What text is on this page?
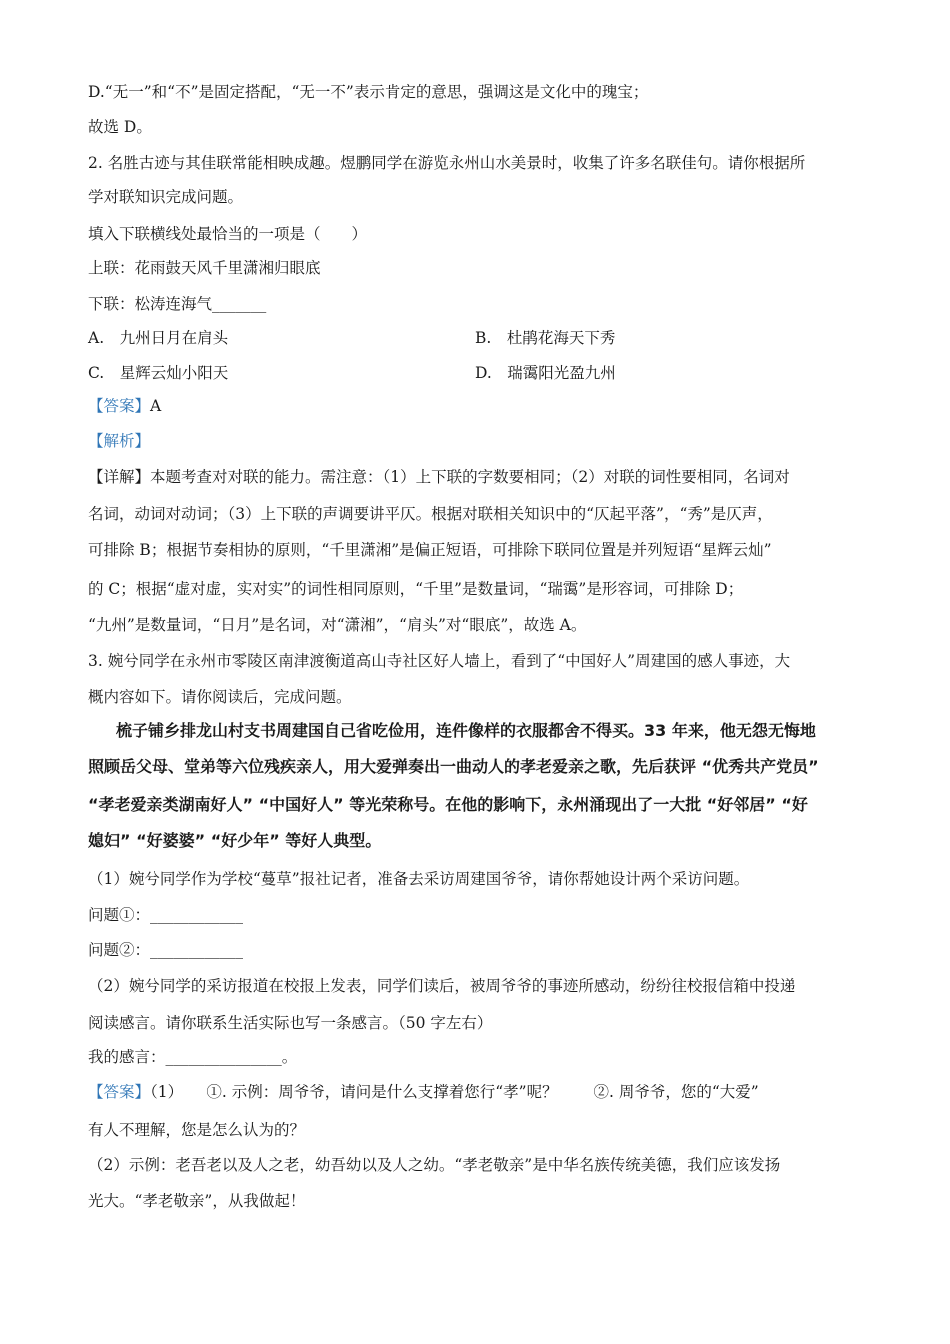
D.“无一”和“不”是固定搭配，“无一不”表示肯定的意思，强调这是文化中的瑰宝；
故选 D。
2. 名胜古迹与其佳联常能相映成趣。煜鹏同学在游览永州山水美景时，收集了许多名联佳句。请你根据所
学对联知识完成问题。
填入下联横线处最恰当的一项是（　　）
上联：花雨鼓天风千里潇湘归眼底
下联：松涛连海气_______
A.　九州日月在肩头	B.　杜鹃花海天下秀
C.　星辉云灿小阳天	D.　瑞霭阳光盈九州
【答案】A
【解析】
【详解】本题考查对对联的能力。需注意：（1）上下联的字数要相同；（2）对联的词性要相同，名词对
名词，动词对动词；（3）上下联的声调要讲平仄。根据对联相关知识中的“仄起平落”，“秀”是仄声，
可排除 B；根据节奏相协的原则，“千里潇湘”是偏正短语，可排除下联同位置是并列短语“星辉云灿”
的 C；根据“虚对虚，实对实”的词性相同原则，“千里”是数量词，“瑞霭”是形容词，可排除 D；
“九州”是数量词，“日月”是名词，对“潇湘”，“肩头”对“眼底”，故选 A。
3. 婉兮同学在永州市零陵区南津渡衡道高山寺社区好人墙上，看到了“中国好人”周建国的感人事迹，大
概内容如下。请你阅读后，完成问题。
梳子铺乡排龙山村支书周建国自己省吃俭用，连件像样的衣服都舍不得买。33 年来，他无怨无悔地
照顾岳父母、堂弟等六位残疾亲人，用大爱弹奏出一曲动人的孝老爱亲之歌，先后获评 “优秀共产党员”
“孝老爱亲类湖南好人” “中国好人” 等光荣称号。在他的影响下，永州涌现出了一大批 “好邻居” “好
媳妇” “好婆婆” “好少年” 等好人典型。
（1）婉兮同学作为学校“蔓草”报社记者，准备去采访周建国爷爷，请你帮她设计两个采访问题。
问题①：____________
问题②：____________
（2）婉兮同学的采访报道在校报上发表，同学们读后，被周爷爷的事迹所感动，纷纷往校报信箱中投递
阅读感言。请你联系生活实际也写一条感言。（50 字左右）
我的感言：_______________。
【答案】（1）　　①. 示例：周爷爷，请问是什么支撑着您行“孝”呢？　　 ②. 周爷爷，您的“大爱”
有人不理解，您是怎么认为的？
（2）示例：老吾老以及人之老，幼吾幼以及人之幼。“孝老敬亲”是中华名族传统美德，我们应该发扬
光大。“孝老敬亲”，从我做起！
